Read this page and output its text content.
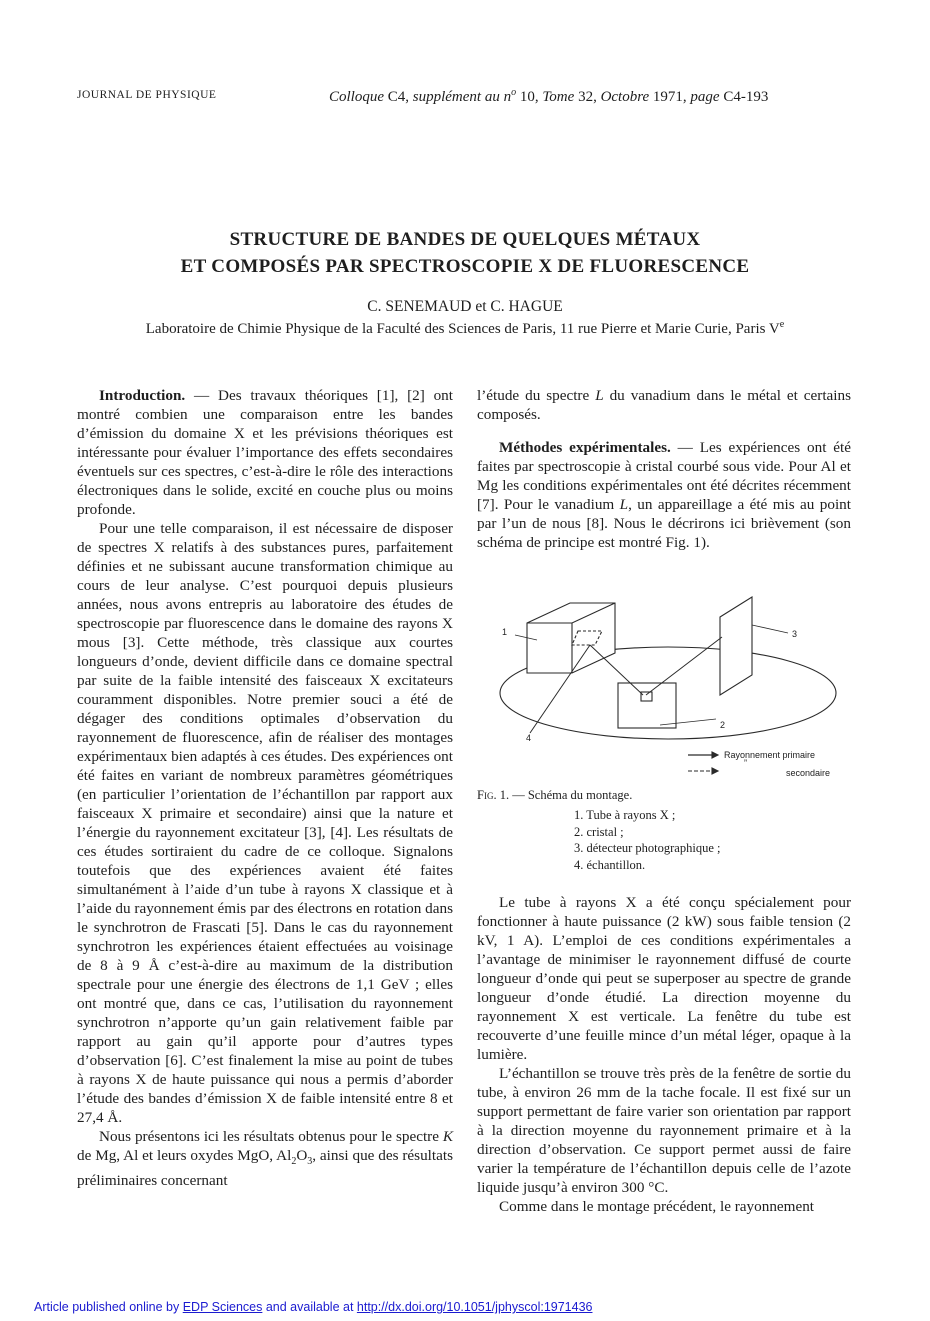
JOURNAL DE PHYSIQUE	Colloque C4, supplément au $n^o$ 10, Tome 32, Octobre 1971, page C4-193
STRUCTURE DE BANDES DE QUELQUES MÉTAUX
ET COMPOSÉS PAR SPECTROSCOPIE X DE FLUORESCENCE
C. SENEMAUD et C. HAGUE
Laboratoire de Chimie Physique de la Faculté des Sciences de Paris, 11 rue Pierre et Marie Curie, Paris Ve

Introduction. — Des travaux théoriques [1], [2] ont montré combien une comparaison entre les bandes d’émission du domaine X et les prévisions théoriques est intéressante pour évaluer l’importance des effets secondaires éventuels sur ces spectres, c’est-à-dire le rôle des interactions électroniques dans le solide, excité en couche plus ou moins profonde.

Pour une telle comparaison, il est nécessaire de disposer de spectres X relatifs à des substances pures, parfaitement définies et ne subissant aucune transformation chimique au cours de leur analyse. C’est pourquoi depuis plusieurs années, nous avons entrepris au laboratoire des études de spectroscopie par fluorescence dans le domaine des rayons X mous [3]. Cette méthode, très classique aux courtes longueurs d’onde, devient difficile dans ce domaine spectral par suite de la faible intensité des faisceaux X excitateurs couramment disponibles. Notre premier souci a été de dégager des conditions optimales d’observation du rayonnement de fluorescence, afin de réaliser des montages expérimentaux bien adaptés à ces études. Des expériences ont été faites en variant de nombreux paramètres géométriques (en particulier l’orientation de l’échantillon par rapport aux faisceaux X primaire et secondaire) ainsi que la nature et l’énergie du rayonnement excitateur [3], [4]. Les résultats de ces études sortiraient du cadre de ce colloque. Signalons toutefois que des expériences avaient été faites simultanément à l’aide d’un tube à rayons X classique et à l’aide du rayonnement émis par des électrons en rotation dans le synchrotron de Frascati [5]. Dans le cas du rayonnement synchrotron les expériences étaient effectuées au voisinage de 8 à 9 Å c’est-à-dire au maximum de la distribution spectrale pour une énergie des électrons de 1,1 GeV ; elles ont montré que, dans ce cas, l’utilisation du rayonnement synchrotron n’apporte qu’un gain relativement faible par rapport au gain qu’il apporte pour d’autres types d’observation [6]. C’est finalement la mise au point de tubes à rayons X de haute puissance qui nous a permis d’aborder l’étude des bandes d’émission X de faible intensité entre 8 et 27,4 Å.

Nous présentons ici les résultats obtenus pour le spectre K de Mg, Al et leurs oxydes MgO, $Al_2O_3$, ainsi que des résultats préliminaires concernant

l’étude du spectre L du vanadium dans le métal et certains composés.

Méthodes expérimentales. — Les expériences ont été faites par spectroscopie à cristal courbé sous vide. Pour Al et Mg les conditions expérimentales ont été décrites récemment [7]. Pour le vanadium L, un appareillage a été mis au point par l’un de nous [8]. Nous le décrirons ici brièvement (son schéma de principe est montré Fig. 1).

1
2
3
4
Rayonnement primaire
”
secondaire
Fig. 1. — Schéma du montage.
1. Tube à rayons X ;
2. cristal ;
3. détecteur photographique ;
4. échantillon.

Le tube à rayons X a été conçu spécialement pour fonctionner à haute puissance (2 kW) sous faible tension (2 kV, 1 A). L’emploi de ces conditions expérimentales a l’avantage de minimiser le rayonnement diffusé de courte longueur d’onde qui peut se superposer au spectre de grande longueur d’onde étudié. La direction moyenne du rayonnement X est verticale. La fenêtre du tube est recouverte d’une feuille mince d’un métal léger, opaque à la lumière.

L’échantillon se trouve très près de la fenêtre de sortie du tube, à environ 26 mm de la tache focale. Il est fixé sur un support permettant de faire varier son orientation par rapport à la direction moyenne du rayonnement primaire et à la direction d’observation. Ce support permet aussi de faire varier la température de l’échantillon depuis celle de l’azote liquide jusqu’à environ 300 °C.

Comme dans le montage précédent, le rayonnement

Article published online by EDP Sciences and available at http://dx.doi.org/10.1051/jphyscol:1971436
